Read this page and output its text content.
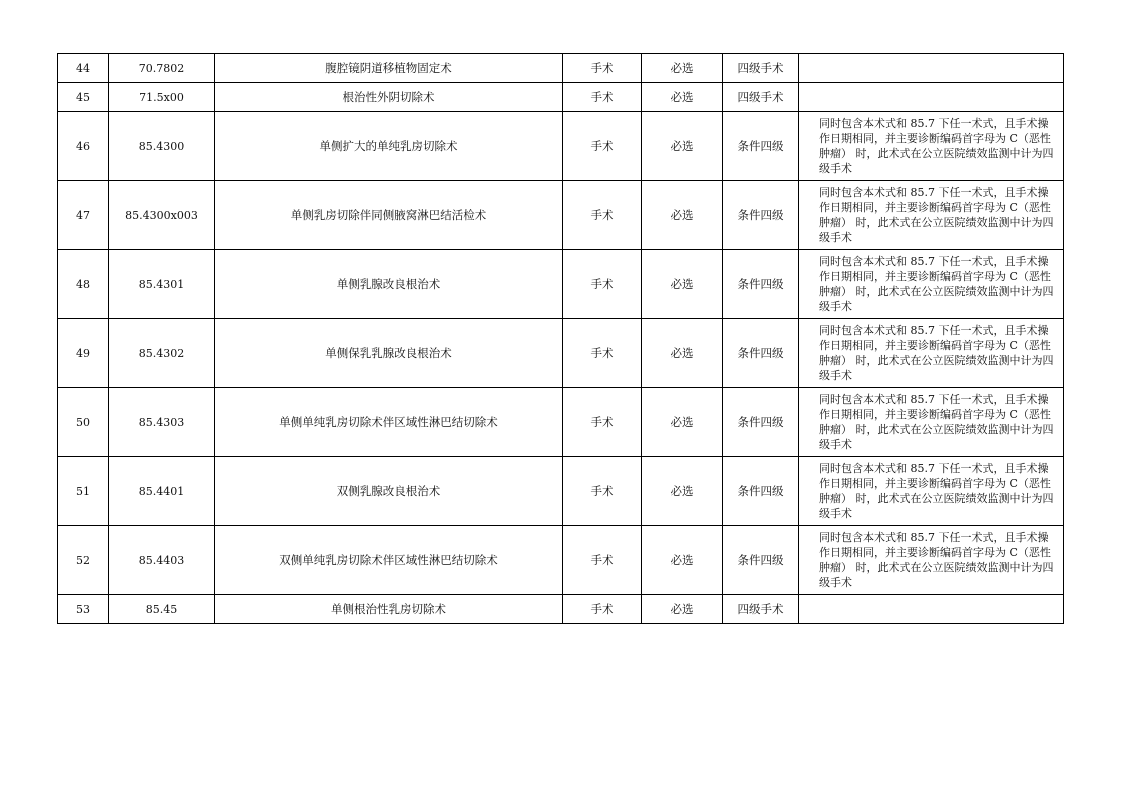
44	70.7802	腹腔镜阴道移植物固定术	手术	必选	四级手术	
45	71.5x00	根治性外阴切除术	手术	必选	四级手术	
46	85.4300	单侧扩大的单纯乳房切除术	手术	必选	条件四级	同时包含本术式和 85.7 下任一术式，且手术操作日期相同，并主要诊断编码首字母为 C（恶性肿瘤） 时，此术式在公立医院绩效监测中计为四级手术
47	85.4300x003	单侧乳房切除伴同侧腋窝淋巴结活检术	手术	必选	条件四级	同时包含本术式和 85.7 下任一术式，且手术操作日期相同，并主要诊断编码首字母为 C（恶性肿瘤） 时，此术式在公立医院绩效监测中计为四级手术
48	85.4301	单侧乳腺改良根治术	手术	必选	条件四级	同时包含本术式和 85.7 下任一术式，且手术操作日期相同，并主要诊断编码首字母为 C（恶性肿瘤） 时，此术式在公立医院绩效监测中计为四级手术
49	85.4302	单侧保乳乳腺改良根治术	手术	必选	条件四级	同时包含本术式和 85.7 下任一术式，且手术操作日期相同，并主要诊断编码首字母为 C（恶性肿瘤） 时，此术式在公立医院绩效监测中计为四级手术
50	85.4303	单侧单纯乳房切除术伴区域性淋巴结切除术	手术	必选	条件四级	同时包含本术式和 85.7 下任一术式，且手术操作日期相同，并主要诊断编码首字母为 C（恶性肿瘤） 时，此术式在公立医院绩效监测中计为四级手术
51	85.4401	双侧乳腺改良根治术	手术	必选	条件四级	同时包含本术式和 85.7 下任一术式，且手术操作日期相同，并主要诊断编码首字母为 C（恶性肿瘤） 时，此术式在公立医院绩效监测中计为四级手术
52	85.4403	双侧单纯乳房切除术伴区域性淋巴结切除术	手术	必选	条件四级	同时包含本术式和 85.7 下任一术式，且手术操作日期相同，并主要诊断编码首字母为 C（恶性肿瘤） 时，此术式在公立医院绩效监测中计为四级手术
53	85.45	单侧根治性乳房切除术	手术	必选	四级手术	
